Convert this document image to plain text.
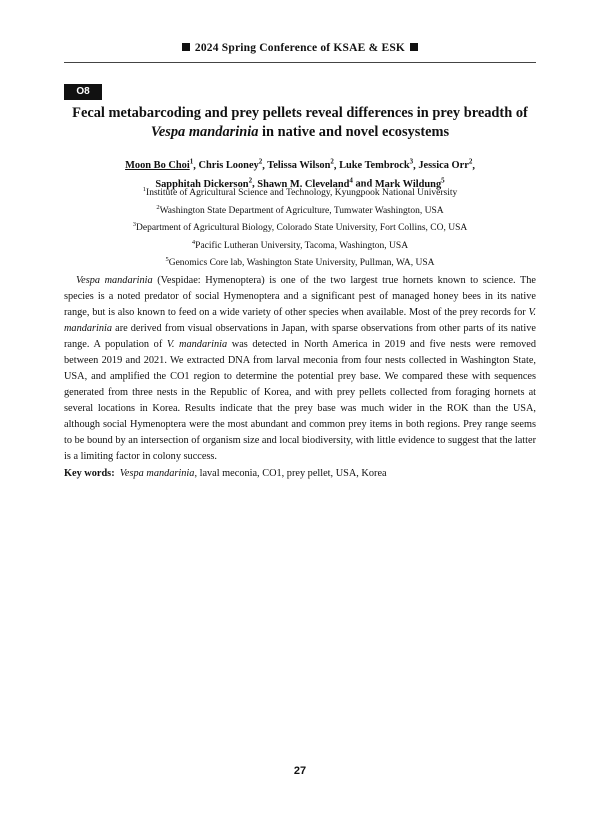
2024 Spring Conference of KSAE & ESK
O8
Fecal metabarcoding and prey pellets reveal differences in prey breadth of Vespa mandarinia in native and novel ecosystems
Moon Bo Choi$^1$, Chris Looney$^2$, Telissa Wilson$^2$, Luke Tembrock$^3$, Jessica Orr$^2$,
Sapphitah Dickerson$^2$, Shawn M. Cleveland$^4$ and Mark Wildung$^5$
$^1$Institute of Agricultural Science and Technology, Kyungpook National University
$^2$Washington State Department of Agriculture, Tumwater Washington, USA
$^3$Department of Agricultural Biology, Colorado State University, Fort Collins, CO, USA
$^4$Pacific Lutheran University, Tacoma, Washington, USA
$^5$Genomics Core lab, Washington State University, Pullman, WA, USA

Vespa mandarinia (Vespidae: Hymenoptera) is one of the two largest true hornets known to science. The species is a noted predator of social Hymenoptera and a significant pest of managed honey bees in its native range, but is also known to feed on a wide variety of other species when available. Most of the prey records for V. mandarinia are derived from visual observations in Japan, with sparse observations from other parts of its native range. A population of V. mandarinia was detected in North America in 2019 and five nests were removed between 2019 and 2021. We extracted DNA from larval meconia from four nests collected in Washington State, USA, and amplified the CO1 region to determine the potential prey base. We compared these with sequences generated from three nests in the Republic of Korea, and with prey pellets collected from foraging hornets at several locations in Korea. Results indicate that the prey base was much wider in the ROK than the USA, although social Hymenoptera were the most abundant and common prey items in both regions. Prey range seems to be bound by an intersection of organism size and local biodiversity, with little evidence to suggest that the latter is a limiting factor in colony success.

Key words: Vespa mandarinia, laval meconia, CO1, prey pellet, USA, Korea
27
